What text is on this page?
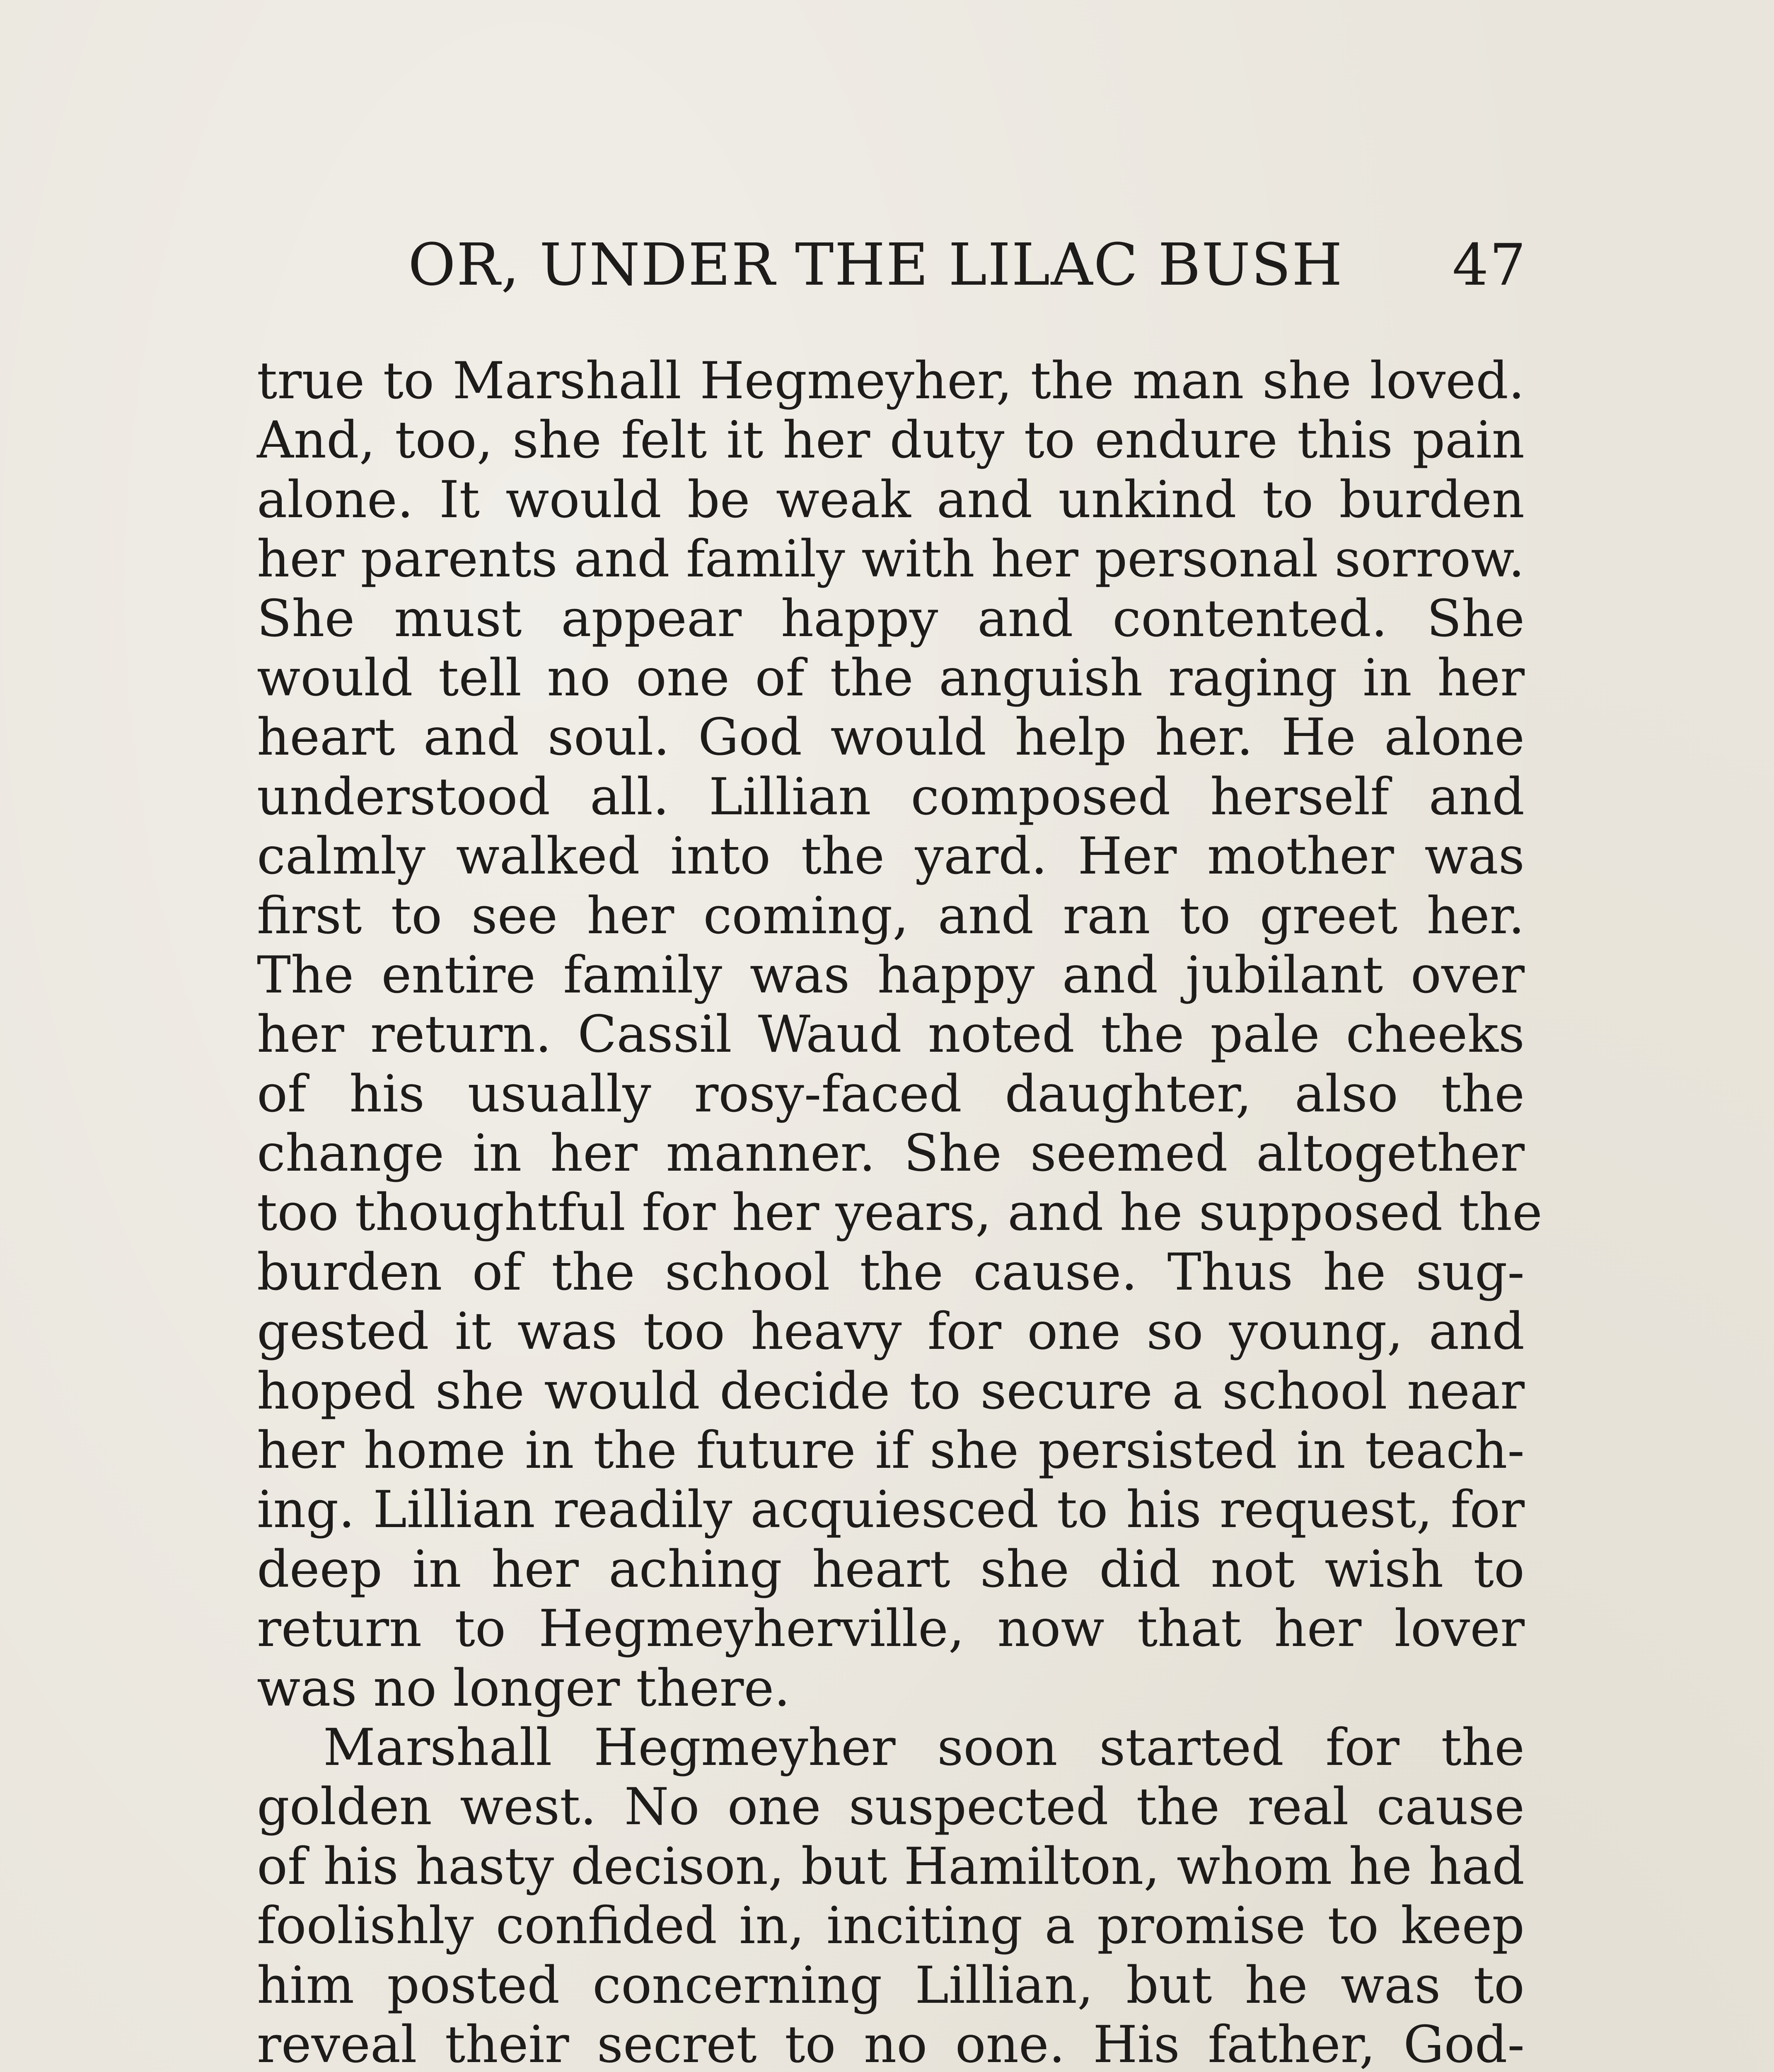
OR, UNDER THE LILAC BUSH 47
true to Marshall Hegmeyher, the man she loved.
And, too, she felt it her duty to endure this pain
alone. It would be weak and unkind to burden
her parents and family with her personal sorrow.
She must appear happy and contented. She
would tell no one of the anguish raging in her
heart and soul. God would help her. He alone
understood all. Lillian composed herself and
calmly walked into the yard. Her mother was
first to see her coming, and ran to greet her.
The entire family was happy and jubilant over
her return. Cassil Waud noted the pale cheeks
of his usually rosy-faced daughter, also the
change in her manner. She seemed altogether
too thoughtful for her years, and he supposed the
burden of the school the cause. Thus he sug-
gested it was too heavy for one so young, and
hoped she would decide to secure a school near
her home in the future if she persisted in teach-
ing. Lillian readily acquiesced to his request, for
deep in her aching heart she did not wish to
return to Hegmeyherville, now that her lover
was no longer there.
Marshall Hegmeyher soon started for the
golden west. No one suspected the real cause
of his hasty decison, but Hamilton, whom he had
foolishly confided in, inciting a promise to keep
him posted concerning Lillian, but he was to
reveal their secret to no one. His father, God-
